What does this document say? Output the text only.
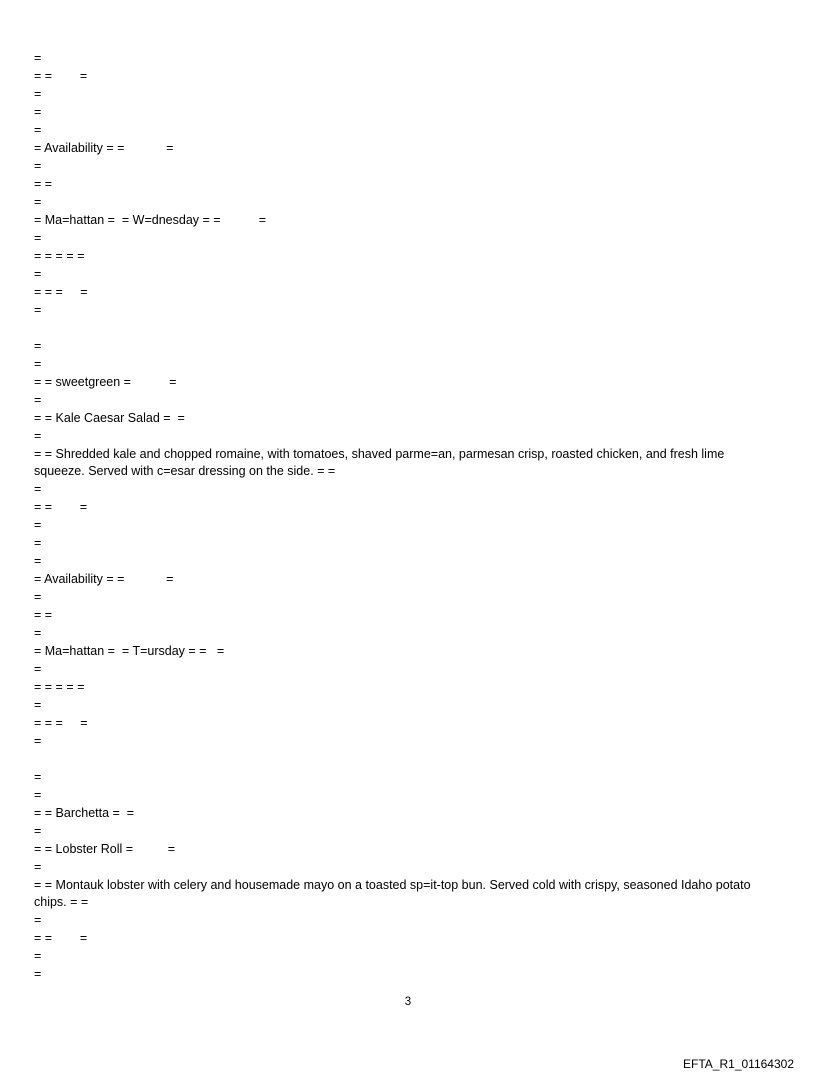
=
= =        =
=
=
=
= Availability = =            =
=
= =
=
= Ma=hattan =  = W=dnesday = =           =
=
= = = = =
=
= = =     =
=
=
=
= = sweetgreen =           =
=
= = Kale Caesar Salad =  =
=
= = Shredded kale and chopped romaine, with tomatoes, shaved parme=an, parmesan crisp, roasted chicken, and fresh lime squeeze. Served with c=esar dressing on the side. = =
=
= =        =
=
=
=
= Availability = =            =
=
= =
=
= Ma=hattan =  = T=ursday = =   =
=
= = = = =
=
= = =     =
=
=
=
= = Barchetta =  =
=
= = Lobster Roll =          =
=
= = Montauk lobster with celery and housemade mayo on a toasted sp=it-top bun. Served cold with crispy, seasoned Idaho potato chips. = =
=
= =        =
=
=
3
EFTA_R1_01164302
